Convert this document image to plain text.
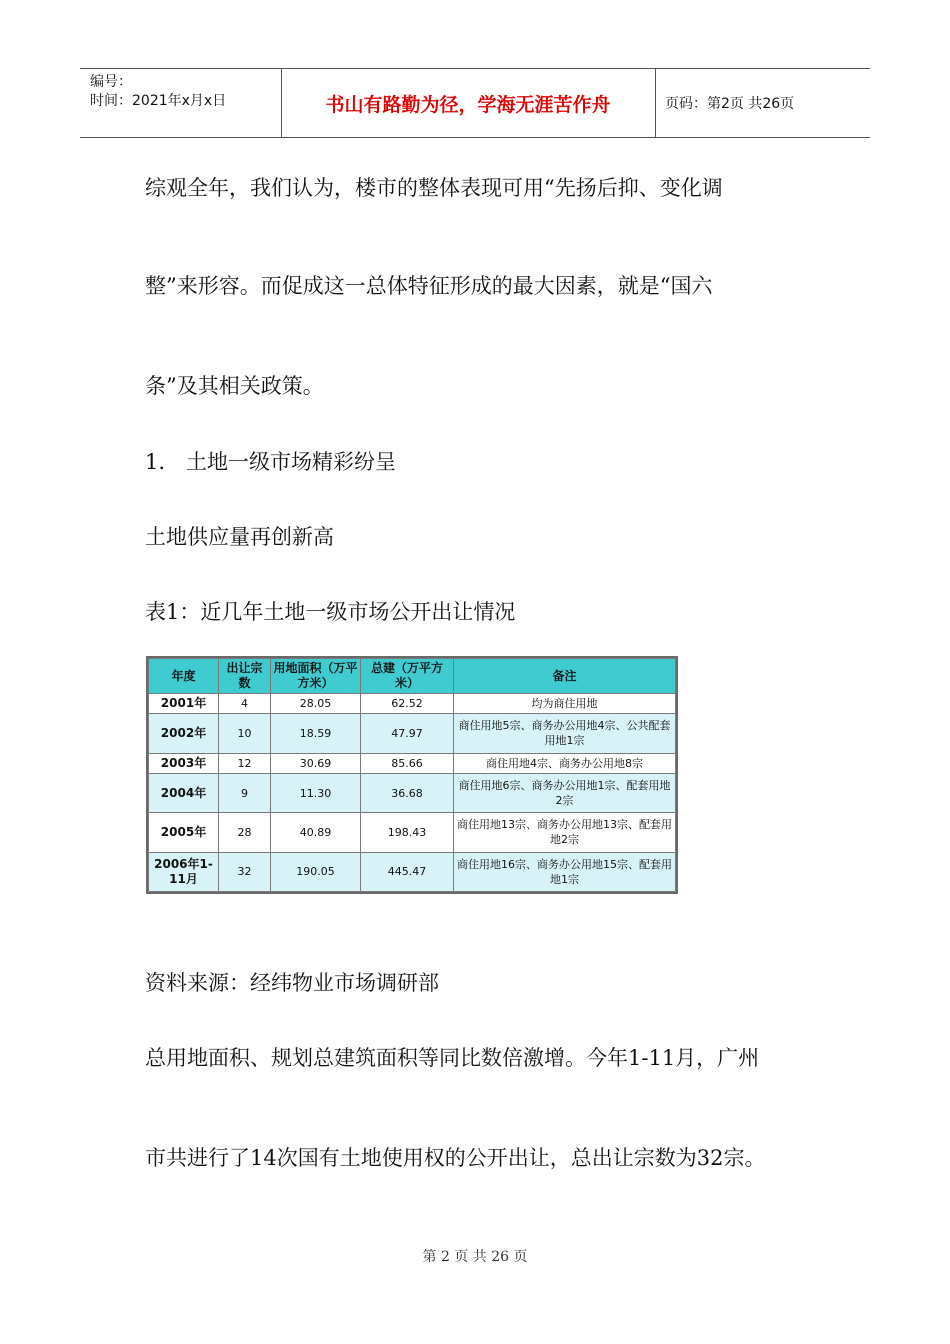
编号：
时间：2021年x月x日	书山有路勤为径，学海无涯苦作舟	页码：第2页 共26页
综观全年，我们认为，楼市的整体表现可用“先扬后抑、变化调
整”来形容。而促成这一总体特征形成的最大因素，就是“国六
条”及其相关政策。
1.　土地一级市场精彩纷呈
土地供应量再创新高
表1：近几年土地一级市场公开出让情况
年度	出让宗数	用地面积（万平方米）	总建（万平方米）	备注
2001年	4	28.05	62.52	均为商住用地
2002年	10	18.59	47.97	商住用地5宗、商务办公用地4宗、公共配套用地1宗
2003年	12	30.69	85.66	商住用地4宗、商务办公用地8宗
2004年	9	11.30	36.68	商住用地6宗、商务办公用地1宗、配套用地2宗
2005年	28	40.89	198.43	商住用地13宗、商务办公用地13宗、配套用地2宗
2006年1-11月	32	190.05	445.47	商住用地16宗、商务办公用地15宗、配套用地1宗
资料来源：经纬物业市场调研部
总用地面积、规划总建筑面积等同比数倍激增。今年1-11月，广州
市共进行了14次国有土地使用权的公开出让，总出让宗数为32宗。
第 2 页 共 26 页
